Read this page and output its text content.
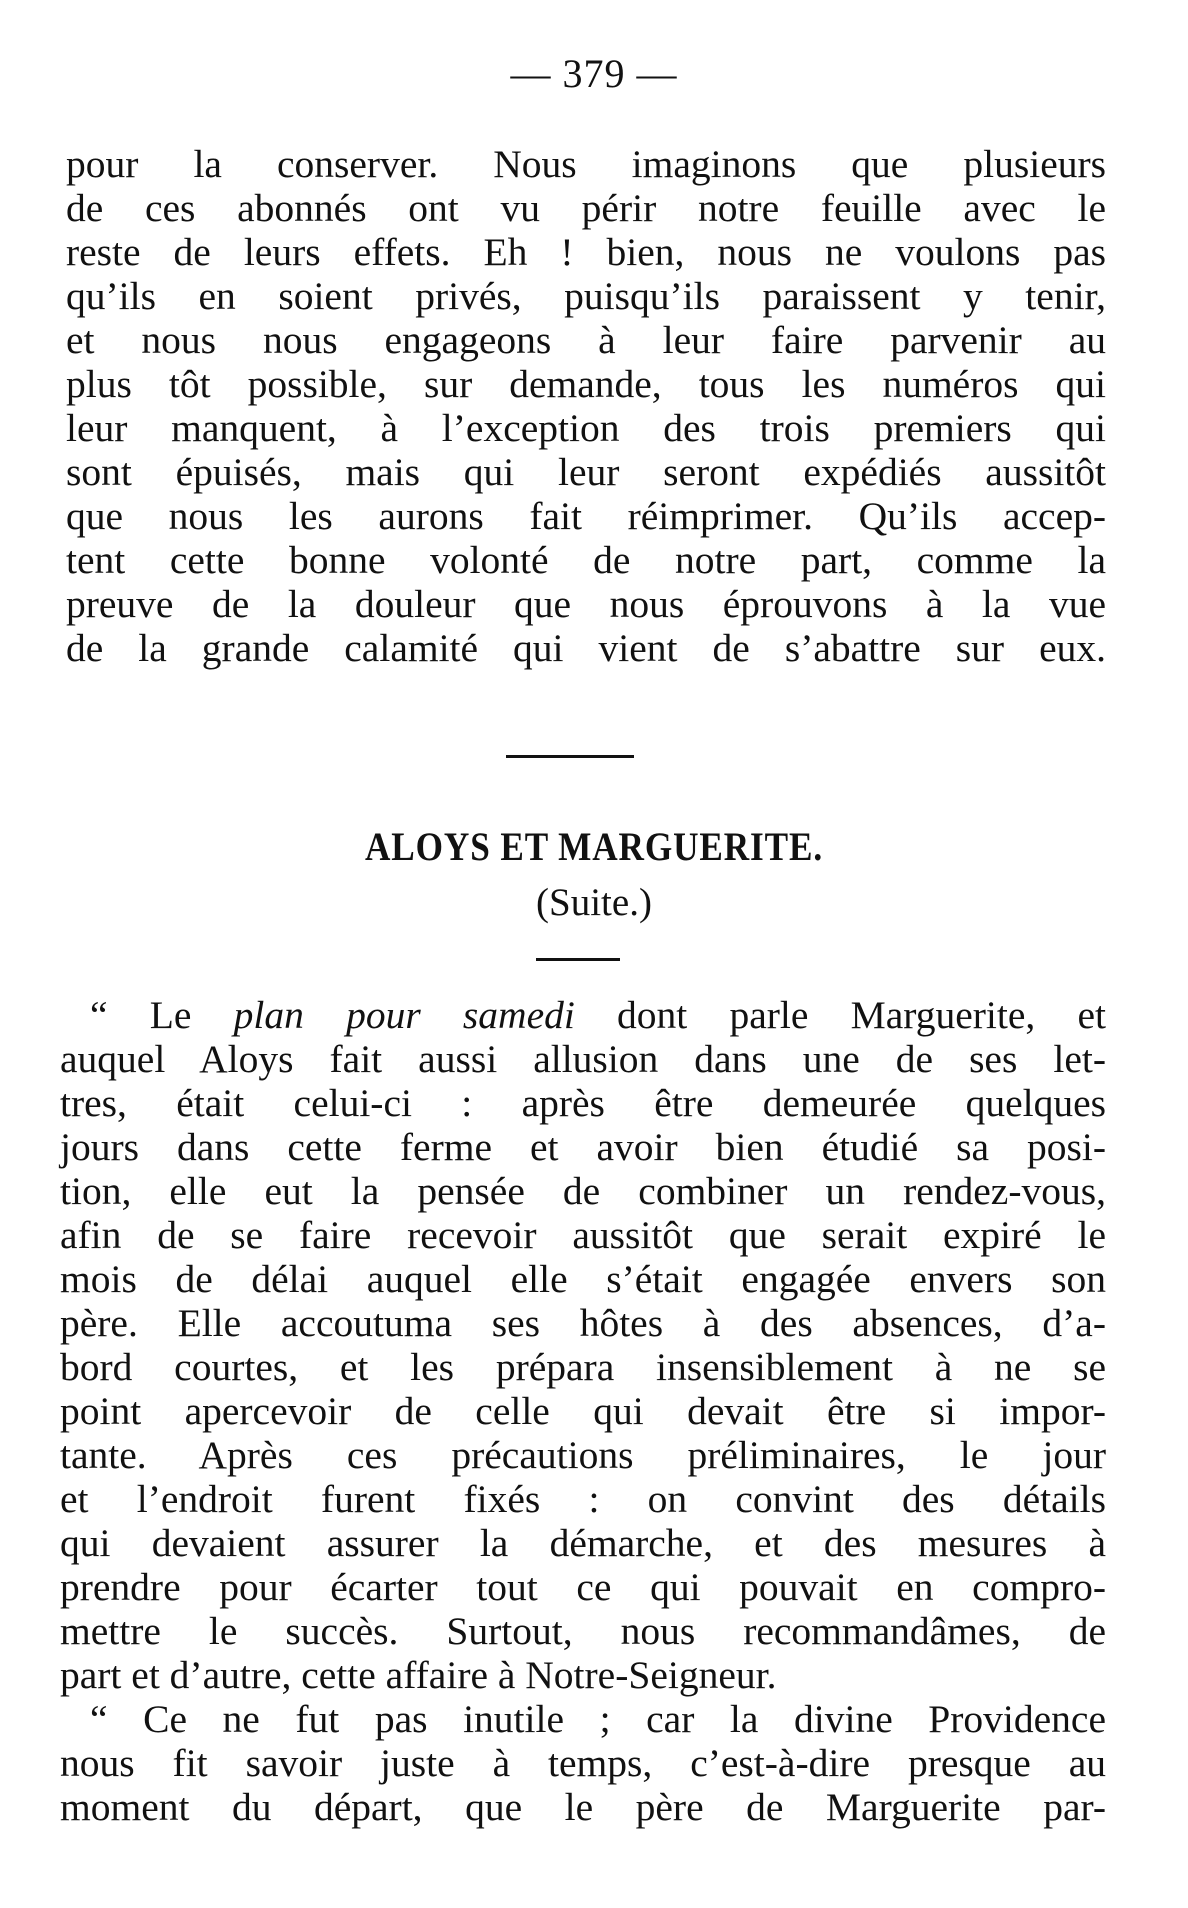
— 379 —
pour la conserver. Nous imaginons que plusieurs
de ces abonnés ont vu périr notre feuille avec le
reste de leurs effets. Eh ! bien, nous ne voulons pas
qu’ils en soient privés, puisqu’ils paraissent y tenir,
et nous nous engageons à leur faire parvenir au
plus tôt possible, sur demande, tous les numéros qui
leur manquent, à l’exception des trois premiers qui
sont épuisés, mais qui leur seront expédiés aussitôt
que nous les aurons fait réimprimer. Qu’ils accep-
tent cette bonne volonté de notre part, comme la
preuve de la douleur que nous éprouvons à la vue
de la grande calamité qui vient de s’abattre sur eux.
ALOYS ET MARGUERITE.
(Suite.)
“ Le plan pour samedi dont parle Marguerite, et
auquel Aloys fait aussi allusion dans une de ses let-
tres, était celui-ci : après être demeurée quelques
jours dans cette ferme et avoir bien étudié sa posi-
tion, elle eut la pensée de combiner un rendez-vous,
afin de se faire recevoir aussitôt que serait expiré le
mois de délai auquel elle s’était engagée envers son
père. Elle accoutuma ses hôtes à des absences, d’a-
bord courtes, et les prépara insensiblement à ne se
point apercevoir de celle qui devait être si impor-
tante. Après ces précautions préliminaires, le jour
et l’endroit furent fixés : on convint des détails
qui devaient assurer la démarche, et des mesures à
prendre pour écarter tout ce qui pouvait en compro-
mettre le succès. Surtout, nous recommandâmes, de
part et d’autre, cette affaire à Notre-Seigneur.
“ Ce ne fut pas inutile ; car la divine Providence
nous fit savoir juste à temps, c’est-à-dire presque au
moment du départ, que le père de Marguerite par-
